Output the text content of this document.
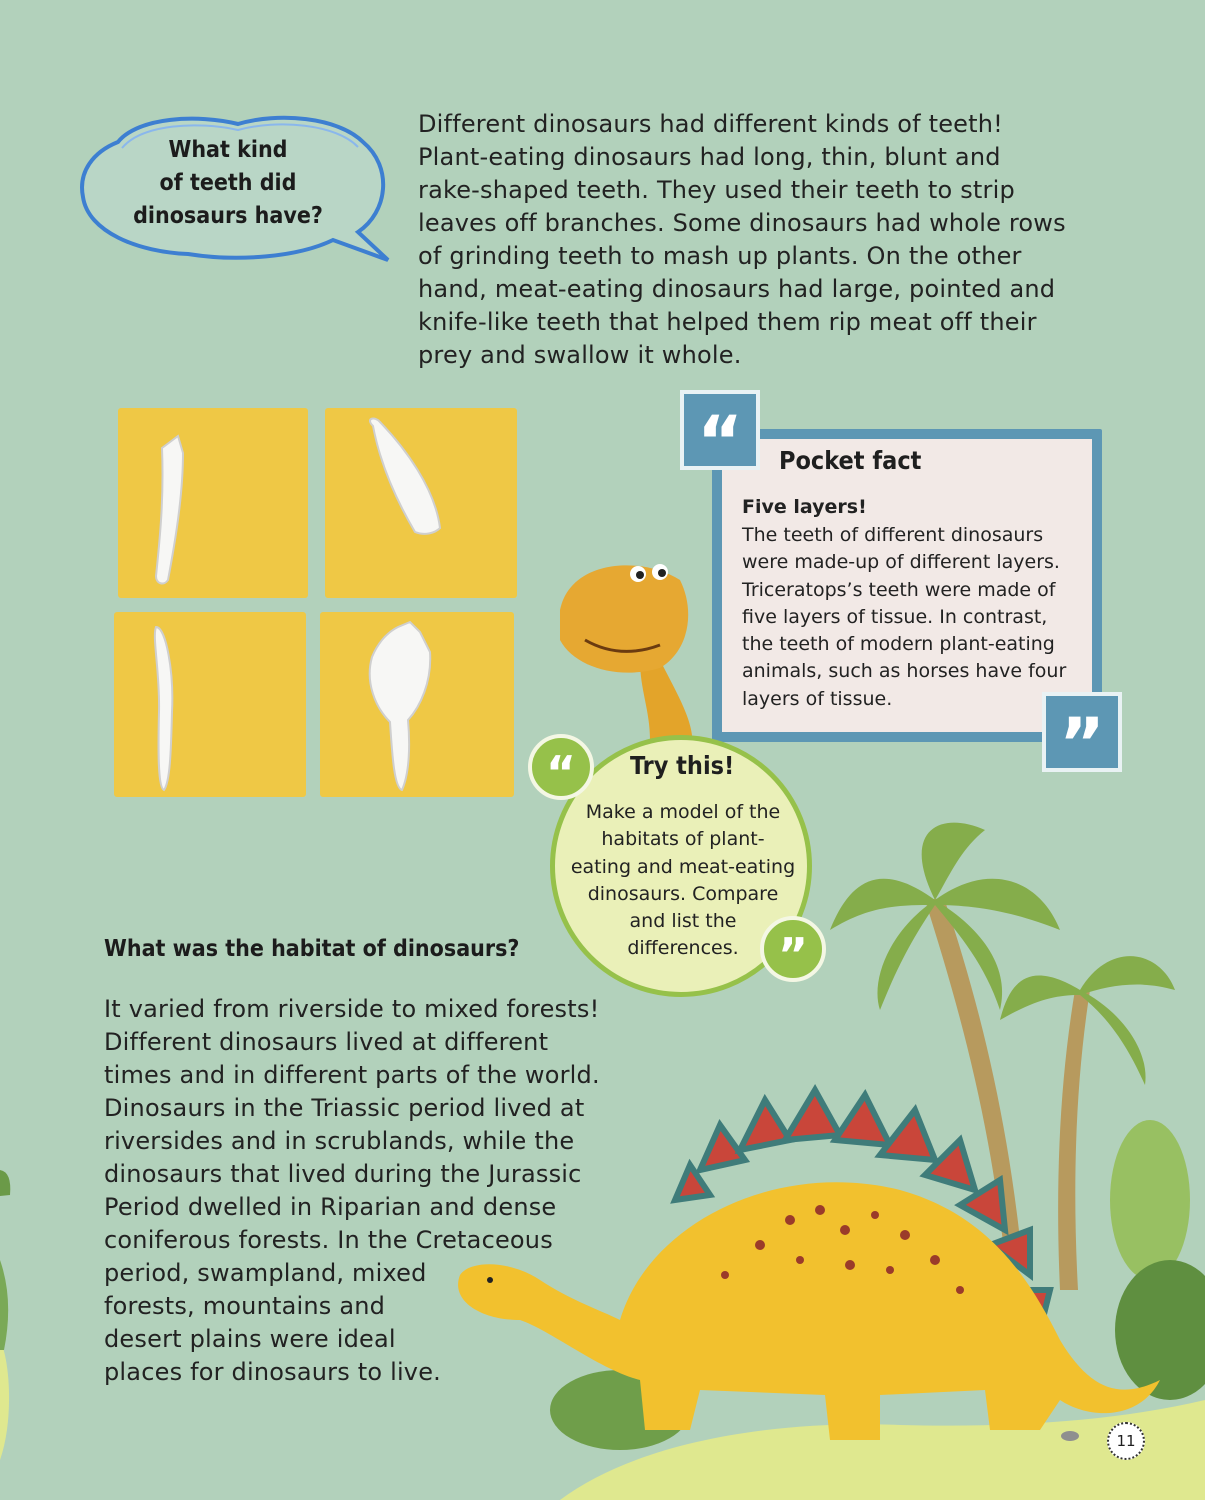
What kind
of teeth did
dinosaurs have?
Different dinosaurs had different kinds of teeth!
Plant-eating dinosaurs had long, thin, blunt and
rake-shaped teeth. They used their teeth to strip
leaves off branches. Some dinosaurs had whole rows
of grinding teeth to mash up plants. On the other
hand, meat-eating dinosaurs had large, pointed and
knife-like teeth that helped them rip meat off their
prey and swallow it whole.
“
”
Pocket fact
Five layers!
The teeth of different dinosaurs
were made-up of different layers.
Triceratops’s teeth were made of
five layers of tissue. In contrast,
the teeth of modern plant-eating
animals, such as horses have four
layers of tissue.
“
”
Try this!
Make a model of the
habitats of plant-
eating and meat-eating
dinosaurs. Compare
and list the
differences.
What was the habitat of dinosaurs?
It varied from riverside to mixed forests!
Different dinosaurs lived at different
times and in different parts of the world.
Dinosaurs in the Triassic period lived at
riversides and in scrublands, while the
dinosaurs that lived during the Jurassic
Period dwelled in Riparian and dense
coniferous forests. In the Cretaceous
period, swampland, mixed
forests, mountains and
desert plains were ideal
places for dinosaurs to live.
11
